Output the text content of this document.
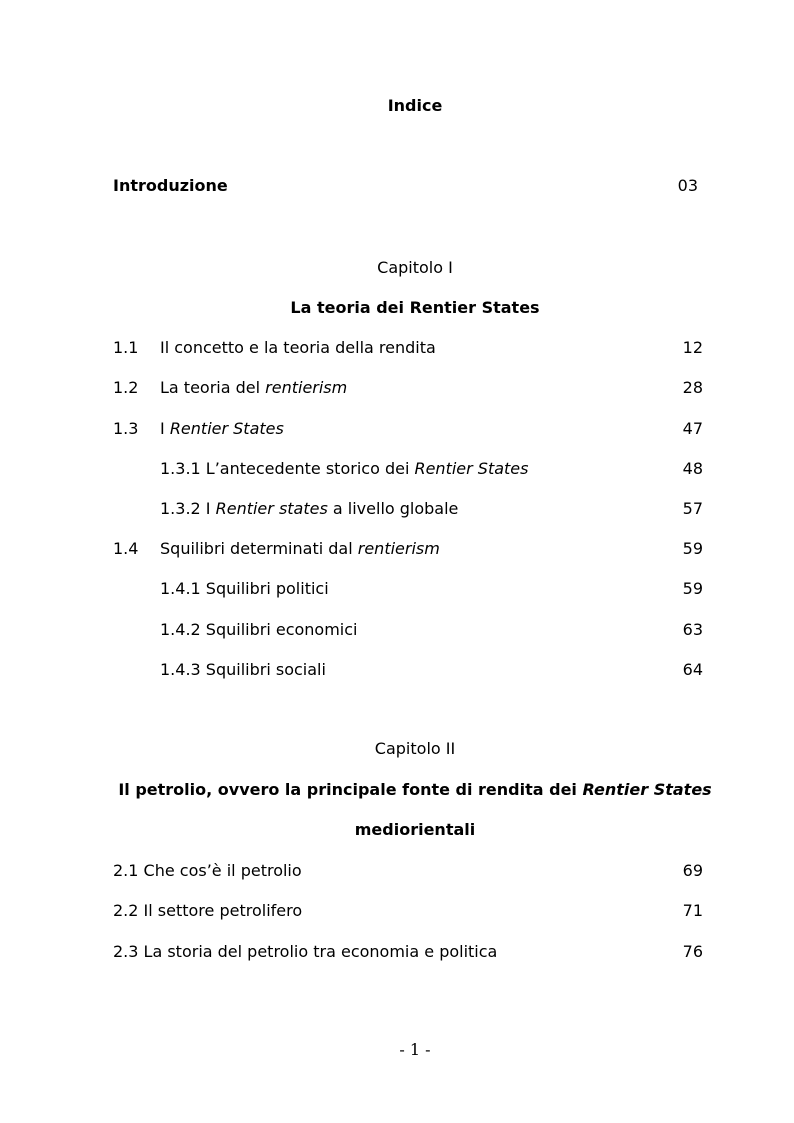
Indice
Introduzione	03
Capitolo I
La teoria dei Rentier States
1.1 Il concetto e la teoria della rendita	12
1.2 La teoria del rentierism	28
1.3 I Rentier States	47
1.3.1 L’antecedente storico dei Rentier States	48
1.3.2 I Rentier states a livello globale	57
1.4 Squilibri determinati dal rentierism	59
1.4.1 Squilibri politici	59
1.4.2 Squilibri economici	63
1.4.3 Squilibri sociali	64
Capitolo II
Il petrolio, ovvero la principale fonte di rendita dei Rentier States
mediorientali
2.1 Che cos’è il petrolio	69
2.2 Il settore petrolifero	71
2.3 La storia del petrolio tra economia e politica	76
- 1 -
